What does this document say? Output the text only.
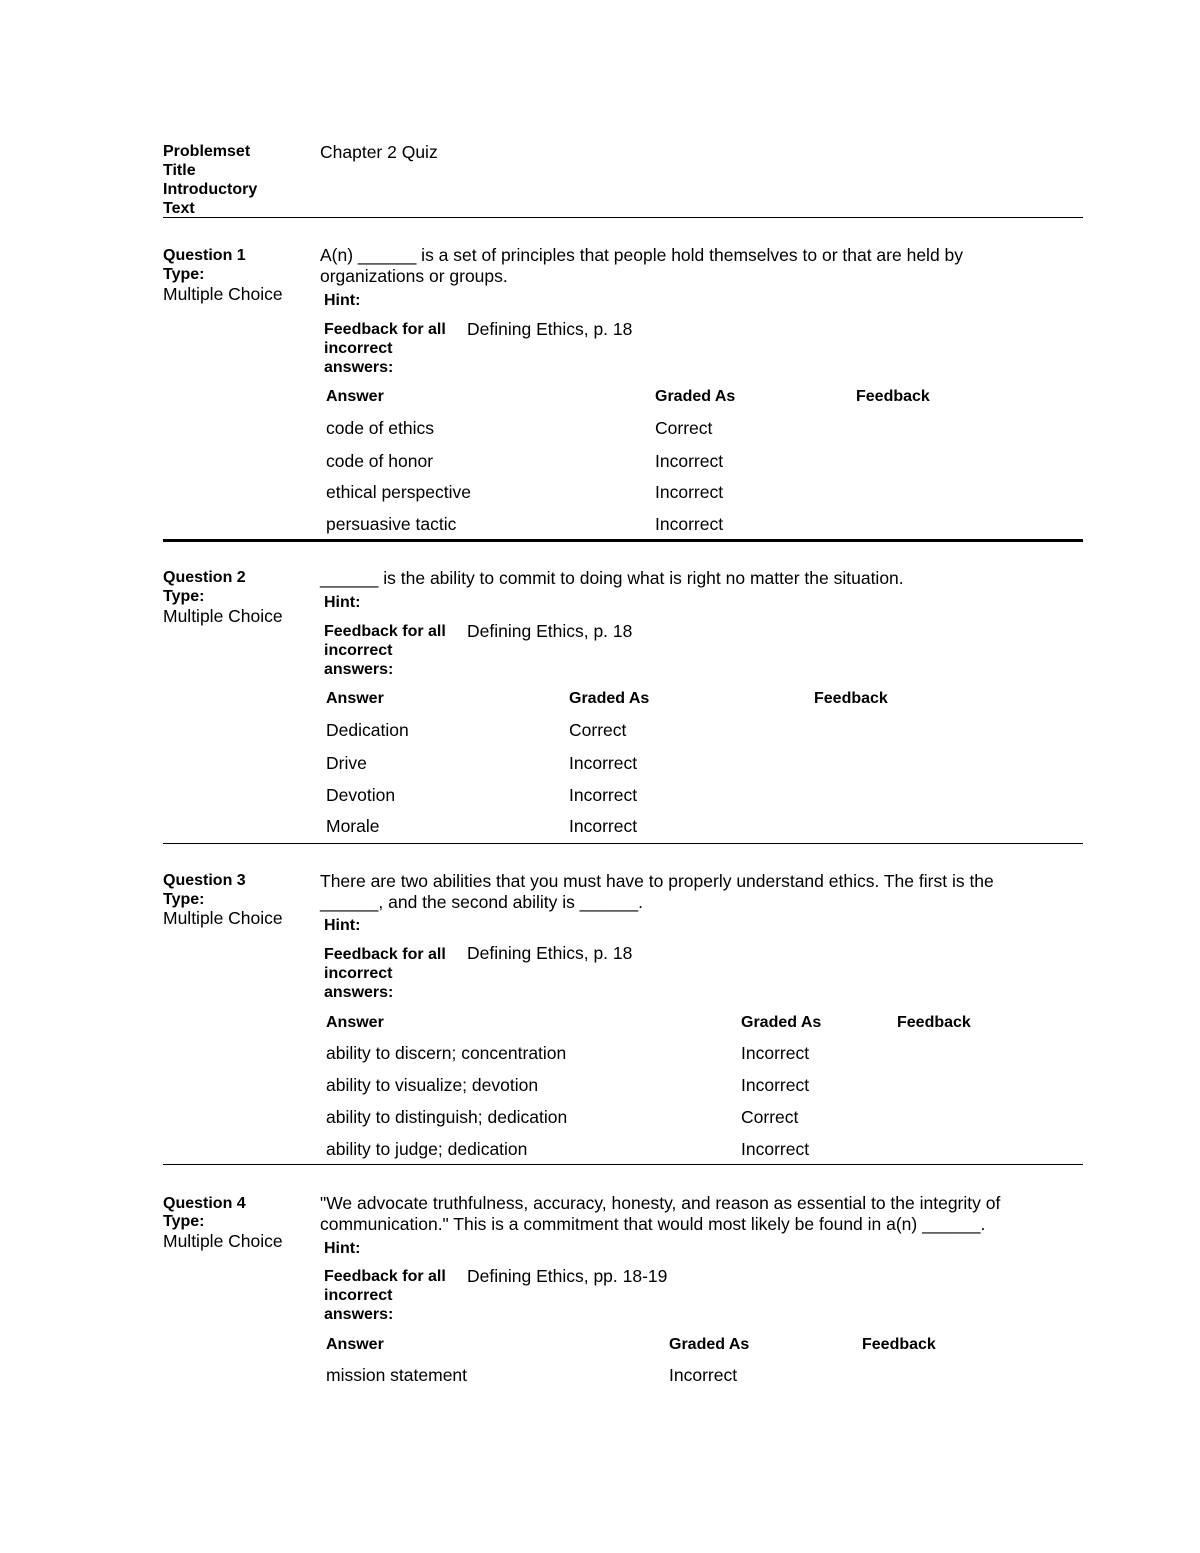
Problemset
Title
Introductory
Text
Chapter 2 Quiz
Question 1
Type:
Multiple Choice
A(n) ______ is a set of principles that people hold themselves to or that are held by
organizations or groups.
Hint:
Feedback for all
incorrect
answers:
Defining Ethics, p. 18
Answer	Graded As	Feedback
code of ethics	Correct
code of honor	Incorrect
ethical perspective	Incorrect
persuasive tactic	Incorrect
Question 2
Type:
Multiple Choice
______ is the ability to commit to doing what is right no matter the situation.
Hint:
Feedback for all
incorrect
answers:
Defining Ethics, p. 18
Answer	Graded As	Feedback
Dedication	Correct
Drive	Incorrect
Devotion	Incorrect
Morale	Incorrect
Question 3
Type:
Multiple Choice
There are two abilities that you must have to properly understand ethics. The first is the
______, and the second ability is ______.
Hint:
Feedback for all
incorrect
answers:
Defining Ethics, p. 18
Answer	Graded As	Feedback
ability to discern; concentration	Incorrect
ability to visualize; devotion	Incorrect
ability to distinguish; dedication	Correct
ability to judge; dedication	Incorrect
Question 4
Type:
Multiple Choice
"We advocate truthfulness, accuracy, honesty, and reason as essential to the integrity of
communication." This is a commitment that would most likely be found in a(n) ______.
Hint:
Feedback for all
incorrect
answers:
Defining Ethics, pp. 18-19
Answer	Graded As	Feedback
mission statement	Incorrect
